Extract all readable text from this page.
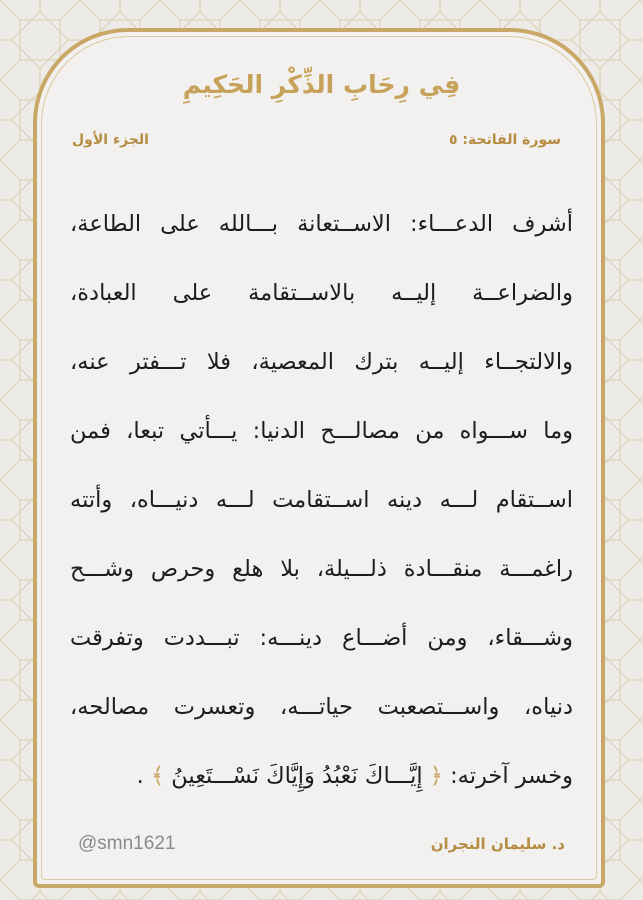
فِي رِحَابِ الذِّكْرِ الحَكِيمِ
سورة الفاتحة: ٥
الجزء الأول
أشرف الدعـــاء: الاســتعانة بـــالله على الطاعة،
والضراعــة إليــه بالاســتقامة على العبادة،
والالتجــاء إليــه بترك المعصية، فلا تـــفتر عنه،
وما ســـواه من مصالـــح الدنيا: يـــأتي تبعا، فمن
اســتقام لـــه دينه اســتقامت لـــه دنيـــاه، وأتته
راغمـــة منقـــادة ذلـــيلة، بلا هلع وحرص وشـــح
وشـــقاء، ومن أضـــاع دينـــه: تبـــددت وتفرقت
دنياه، واســـتصعبت حياتـــه، وتعسرت مصالحه،
وخسر آخرته: ﴿ إِيَّـــاكَ نَعْبُدُ وَإِيَّاكَ نَسْـــتَعِينُ ﴾ .
@smn1621	د. سليمان النجران
